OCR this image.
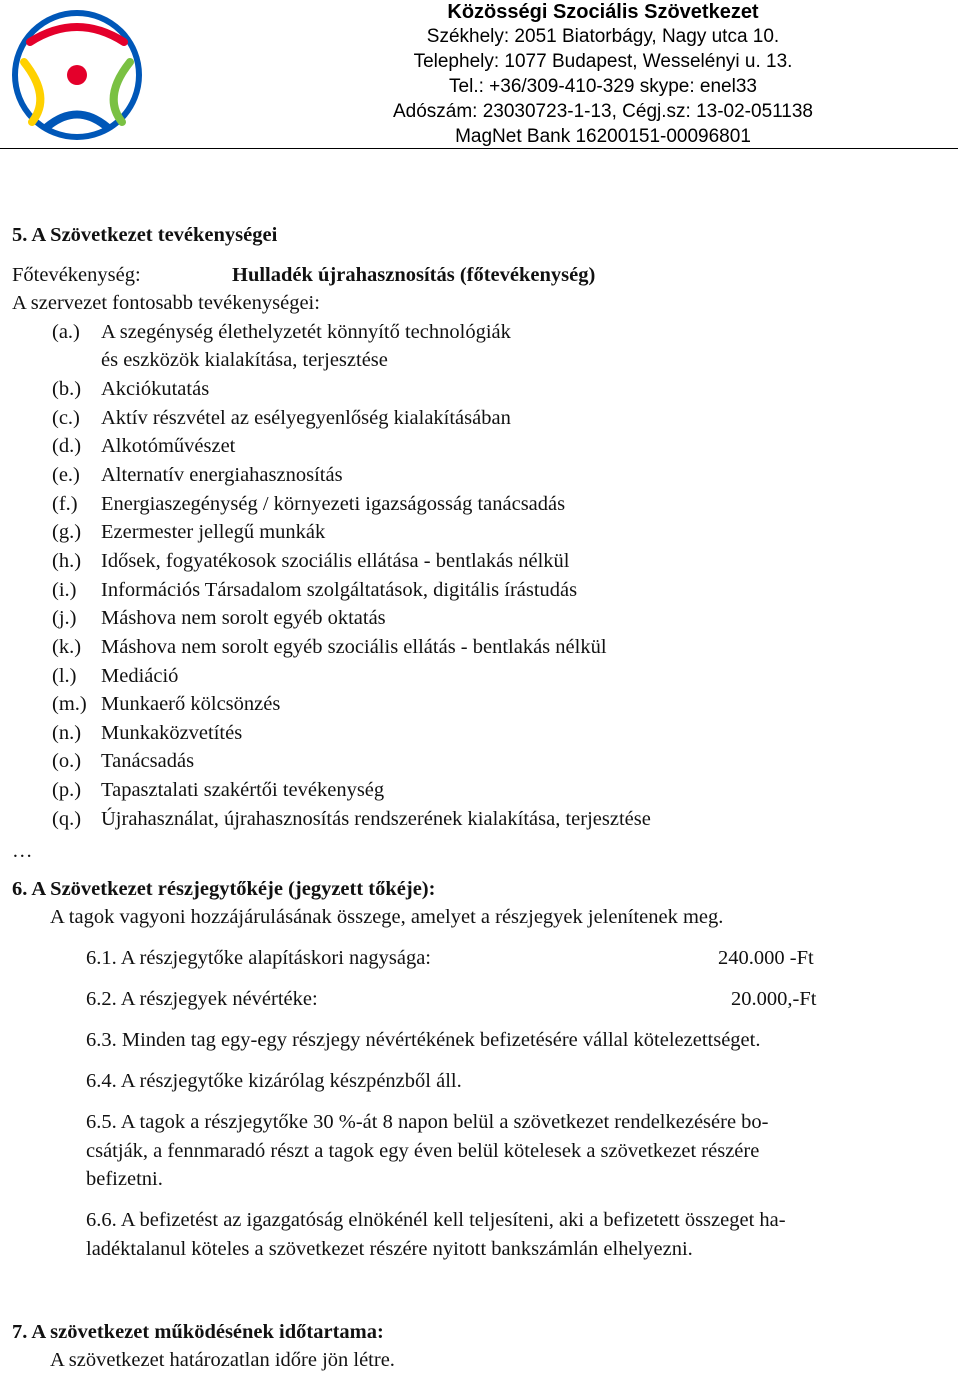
Közösségi Szociális Szövetkezet
Székhely: 2051 Biatorbágy, Nagy utca 10.
Telephely: 1077 Budapest, Wesselényi u. 13.
Tel.: +36/309-410-329 skype: enel33
Adószám: 23030723-1-13, Cégj.sz: 13-02-051138
MagNet Bank 16200151-00096801
5. A Szövetkezet tevékenységei
Főtevékenység:	Hulladék újrahasznosítás (főtevékenység)
A szervezet fontosabb tevékenységei:
(a.) A szegénység élethelyzetét könnyítő technológiák
és eszközök kialakítása, terjesztése
(b.) Akciókutatás
(c.) Aktív részvétel az esélyegyenlőség kialakításában
(d.) Alkotóművészet
(e.) Alternatív energiahasznosítás
(f.) Energiaszegénység / környezeti igazságosság tanácsadás
(g.) Ezermester jellegű munkák
(h.) Idősek, fogyatékosok szociális ellátása - bentlakás nélkül
(i.) Információs Társadalom szolgáltatások, digitális írástudás
(j.) Máshova nem sorolt egyéb oktatás
(k.) Máshova nem sorolt egyéb szociális ellátás - bentlakás nélkül
(l.) Mediáció
(m.) Munkaerő kölcsönzés
(n.) Munkaközvetítés
(o.) Tanácsadás
(p.) Tapasztalati szakértői tevékenység
(q.) Újrahasználat, újrahasznosítás rendszerének kialakítása, terjesztése
…
6. A Szövetkezet részjegytőkéje (jegyzett tőkéje):
A tagok vagyoni hozzájárulásának összege, amelyet a részjegyek jelenítenek meg.
6.1. A részjegytőke alapításkori nagysága:	240.000 -Ft
6.2. A részjegyek névértéke:	20.000,-Ft
6.3. Minden tag egy-egy részjegy névértékének befizetésére vállal kötelezettséget.
6.4. A részjegytőke kizárólag készpénzből áll.
6.5. A tagok a részjegytőke 30 %-át 8 napon belül a szövetkezet rendelkezésére bo-
csátják, a fennmaradó részt a tagok egy éven belül kötelesek a szövetkezet részére
befizetni.
6.6. A befizetést az igazgatóság elnökénél kell teljesíteni, aki a befizetett összeget ha-
ladéktalanul köteles a szövetkezet részére nyitott bankszámlán elhelyezni.
7. A szövetkezet működésének időtartama:
A szövetkezet határozatlan időre jön létre.
